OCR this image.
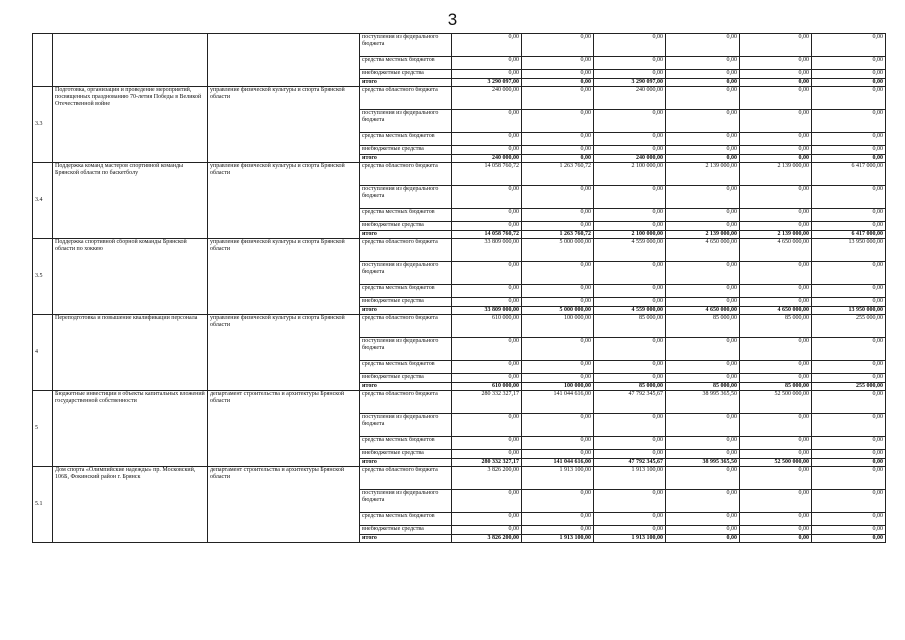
3
			поступления из федерального бюджета	0,00	0,00	0,00	0,00	0,00	0,00
			средства местных бюджетов	0,00	0,00	0,00	0,00	0,00	0,00
			внебюджетные средства	0,00	0,00	0,00	0,00	0,00	0,00
			итого	3 290 097,00	0,00	3 290 097,00	0,00	0,00	0,00
3.3	Подготовка, организация и проведение мероприятий, посвященных празднованию 70-летия Победы в Великой Отечественной войне	управление физической культуры и спорта Брянской области	средства областного бюджета	240 000,00	0,00	240 000,00	0,00	0,00	0,00
			поступления из федерального бюджета	0,00	0,00	0,00	0,00	0,00	0,00
			средства местных бюджетов	0,00	0,00	0,00	0,00	0,00	0,00
			внебюджетные средства	0,00	0,00	0,00	0,00	0,00	0,00
			итого	240 000,00	0,00	240 000,00	0,00	0,00	0,00
3.4	Поддержка команд мастеров спортивной команды Брянской области по баскетболу	управление физической культуры и спорта Брянской области	средства областного бюджета	14 058 760,72	1 263 760,72	2 100 000,00	2 139 000,00	2 139 000,00	6 417 000,00
			поступления из федерального бюджета	0,00	0,00	0,00	0,00	0,00	0,00
			средства местных бюджетов	0,00	0,00	0,00	0,00	0,00	0,00
			внебюджетные средства	0,00	0,00	0,00	0,00	0,00	0,00
			итого	14 058 760,72	1 263 760,72	2 100 000,00	2 139 000,00	2 139 000,00	6 417 000,00
3.5	Поддержка спортивной сборной команды Брянской области по хоккею	управление физической культуры и спорта Брянской области	средства областного бюджета	33 809 000,00	5 000 000,00	4 559 000,00	4 650 000,00	4 650 000,00	13 950 000,00
			поступления из федерального бюджета	0,00	0,00	0,00	0,00	0,00	0,00
			средства местных бюджетов	0,00	0,00	0,00	0,00	0,00	0,00
			внебюджетные средства	0,00	0,00	0,00	0,00	0,00	0,00
			итого	33 809 000,00	5 000 000,00	4 559 000,00	4 650 000,00	4 650 000,00	13 950 000,00
4	Переподготовка и повышение квалификации персонала	управление физической культуры и спорта Брянской области	средства областного бюджета	610 000,00	100 000,00	85 000,00	85 000,00	85 000,00	255 000,00
			поступления из федерального бюджета	0,00	0,00	0,00	0,00	0,00	0,00
			средства местных бюджетов	0,00	0,00	0,00	0,00	0,00	0,00
			внебюджетные средства	0,00	0,00	0,00	0,00	0,00	0,00
			итого	610 000,00	100 000,00	85 000,00	85 000,00	85 000,00	255 000,00
5	Бюджетные инвестиции в объекты капитальных вложений государственной собственности	департамент строительства и архитектуры Брянской области	средства областного бюджета	280 332 327,17	141 044 616,00	47 792 345,67	38 995 365,50	52 500 000,00	0,00
			поступления из федерального бюджета	0,00	0,00	0,00	0,00	0,00	0,00
			средства местных бюджетов	0,00	0,00	0,00	0,00	0,00	0,00
			внебюджетные средства	0,00	0,00	0,00	0,00	0,00	0,00
			итого	280 332 327,17	141 044 616,00	47 792 345,67	38 995 365,50	52 500 000,00	0,00
5.1	Дом спорта «Олимпийские надежды» пр. Московский, 106Б, Фокинский район г. Брянск	департамент строительства и архитектуры Брянской области	средства областного бюджета	3 826 200,00	1 913 100,00	1 913 100,00	0,00	0,00	0,00
			поступления из федерального бюджета	0,00	0,00	0,00	0,00	0,00	0,00
			средства местных бюджетов	0,00	0,00	0,00	0,00	0,00	0,00
			внебюджетные средства	0,00	0,00	0,00	0,00	0,00	0,00
			итого	3 826 200,00	1 913 100,00	1 913 100,00	0,00	0,00	0,00
